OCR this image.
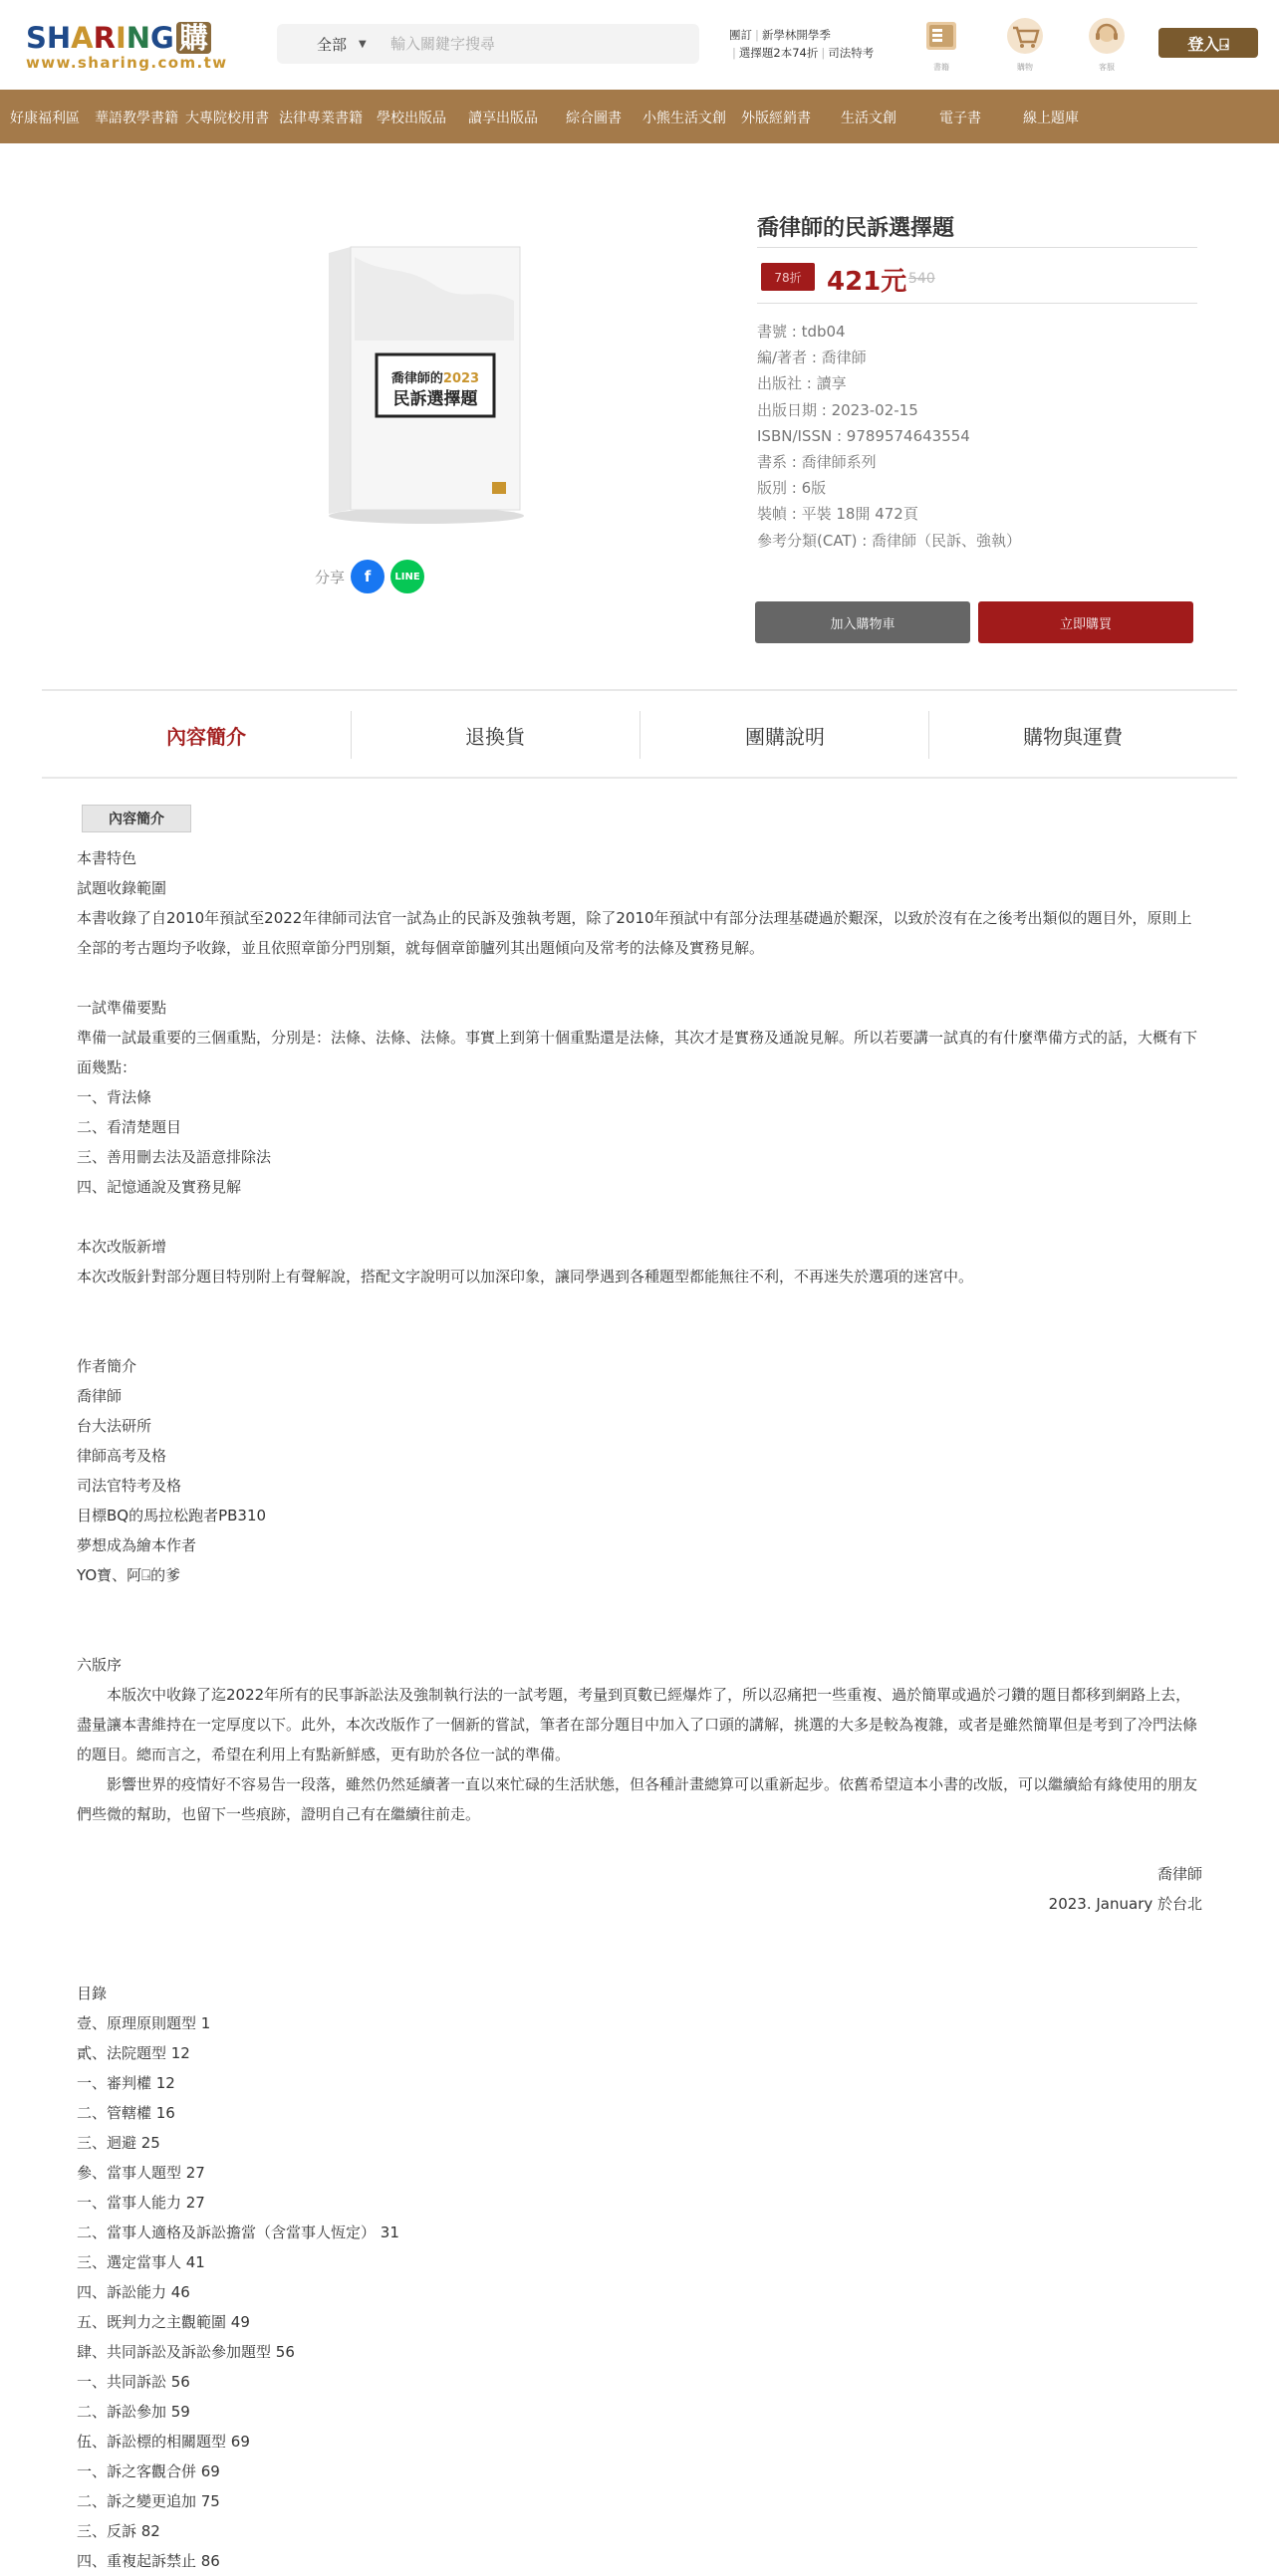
S H A R I N G 購
www.sharing.com.tw
全部 ▼
輸入關鍵字搜尋
團訂 | 新學林開學季
| 選擇題2本74折 | 司法特考
書籍	購物	客服
登入⍈
好康福利區 華語教學書籍 大專院校用書 法律專業書籍 學校出版品 讀享出版品 綜合圖書 小熊生活文創 外版經銷書 生活文創	電子書	線上題庫
喬律師的2023
民訴選擇題
分享	f	LINE
喬律師的民訴選擇題
78折 421元 540
書號 : tdb04
編/著者 : 喬律師
出版社 : 讀享
出版日期 : 2023-02-15
ISBN/ISSN : 9789574643554
書系 : 喬律師系列
版別 : 6版
裝幀 : 平裝 18開 472頁
參考分類(CAT) : 喬律師（民訴、強執）
加入購物車	立即購買
內容簡介	退換貨	團購說明	購物與運費
內容簡介
本書特色
試題收錄範圍
本書收錄了自2010年預試至2022年律師司法官一試為止的民訴及強執考題，除了2010年預試中有部分法理基礎過於艱深，以致於沒有在之後考出類似的題目外，原則上全部的考古題均予收錄，並且依照章節分門別類，就每個章節臚列其出題傾向及常考的法條及實務見解。
一試準備要點
準備一試最重要的三個重點，分別是：法條、法條、法條。事實上到第十個重點還是法條，其次才是實務及通說見解。所以若要講一試真的有什麼準備方式的話，大概有下面幾點：
一、背法條
二、看清楚題目
三、善用刪去法及語意排除法
四、記憶通說及實務見解
本次改版新增
本次改版針對部分題目特別附上有聲解說，搭配文字說明可以加深印象，讓同學遇到各種題型都能無往不利，不再迷失於選項的迷宮中。
作者簡介
喬律師
台大法研所
律師高考及格
司法官特考及格
目標BQ的馬拉松跑者PB310
夢想成為繪本作者
YO寶、阿⍈的爹
六版序
本版次中收錄了迄2022年所有的民事訴訟法及強制執行法的一試考題，考量到頁數已經爆炸了，所以忍痛把一些重複、過於簡單或過於刁鑽的題目都移到網路上去，盡量讓本書維持在一定厚度以下。此外，本次改版作了一個新的嘗試，筆者在部分題目中加入了口頭的講解，挑選的大多是較為複雜，或者是雖然簡單但是考到了冷門法條的題目。總而言之，希望在利用上有點新鮮感，更有助於各位一試的準備。
影響世界的疫情好不容易告一段落，雖然仍然延續著一直以來忙碌的生活狀態，但各種計畫總算可以重新起步。依舊希望這本小書的改版，可以繼續給有緣使用的朋友們些微的幫助，也留下一些痕跡，證明自己有在繼續往前走。
喬律師
2023. January 於台北
目錄
壹、原理原則題型 1
貳、法院題型 12
一、審判權 12
二、管轄權 16
三、迴避 25
參、當事人題型 27
一、當事人能力 27
二、當事人適格及訴訟擔當（含當事人恆定） 31
三、選定當事人 41
四、訴訟能力 46
五、既判力之主觀範圍 49
肆、共同訴訟及訴訟參加題型 56
一、共同訴訟 56
二、訴訟參加 59
伍、訴訟標的相關題型 69
一、訴之客觀合併 69
二、訴之變更追加 75
三、反訴 82
四、重複起訴禁止 86
